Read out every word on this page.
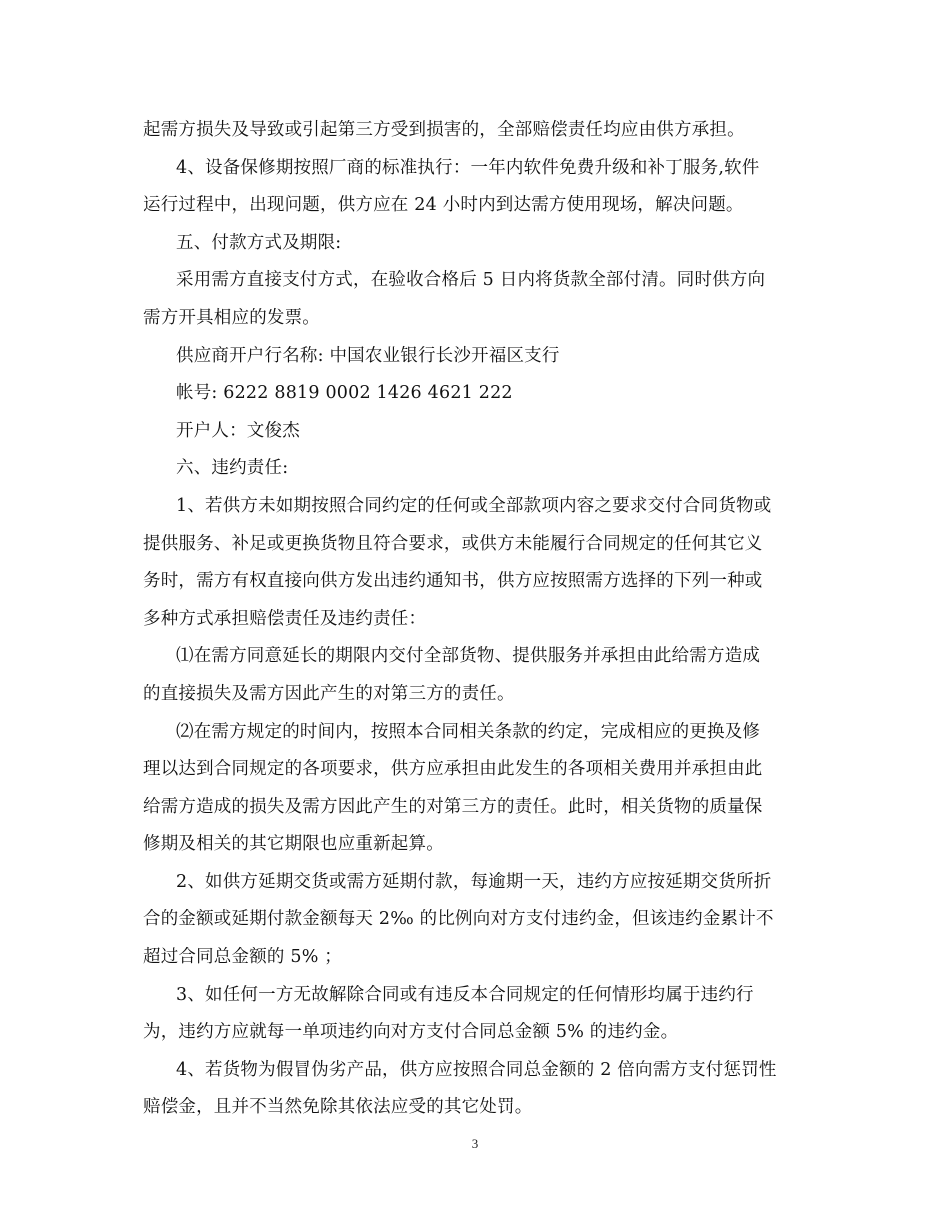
起需方损失及导致或引起第三方受到损害的，全部赔偿责任均应由供方承担。

4、设备保修期按照厂商的标准执行：一年内软件免费升级和补丁服务,软件

运行过程中，出现问题，供方应在 24 小时内到达需方使用现场，解决问题。

五、付款方式及期限:

采用需方直接支付方式，在验收合格后 5 日内将货款全部付清。同时供方向

需方开具相应的发票。

供应商开户行名称: 中国农业银行长沙开福区支行

帐号: 6222 8819 0002 1426 4621 222

开户人：文俊杰

六、违约责任:

1、若供方未如期按照合同约定的任何或全部款项内容之要求交付合同货物或

提供服务、补足或更换货物且符合要求，或供方未能履行合同规定的任何其它义

务时，需方有权直接向供方发出违约通知书，供方应按照需方选择的下列一种或

多种方式承担赔偿责任及违约责任：

⑴在需方同意延长的期限内交付全部货物、提供服务并承担由此给需方造成

的直接损失及需方因此产生的对第三方的责任。

⑵在需方规定的时间内，按照本合同相关条款的约定，完成相应的更换及修

理以达到合同规定的各项要求，供方应承担由此发生的各项相关费用并承担由此

给需方造成的损失及需方因此产生的对第三方的责任。此时，相关货物的质量保

修期及相关的其它期限也应重新起算。

2、如供方延期交货或需方延期付款，每逾期一天，违约方应按延期交货所折

合的金额或延期付款金额每天 2‰ 的比例向对方支付违约金，但该违约金累计不

超过合同总金额的 5% ；

3、如任何一方无故解除合同或有违反本合同规定的任何情形均属于违约行

为，违约方应就每一单项违约向对方支付合同总金额 5% 的违约金。

4、若货物为假冒伪劣产品，供方应按照合同总金额的 2 倍向需方支付惩罚性

赔偿金，且并不当然免除其依法应受的其它处罚。

3
